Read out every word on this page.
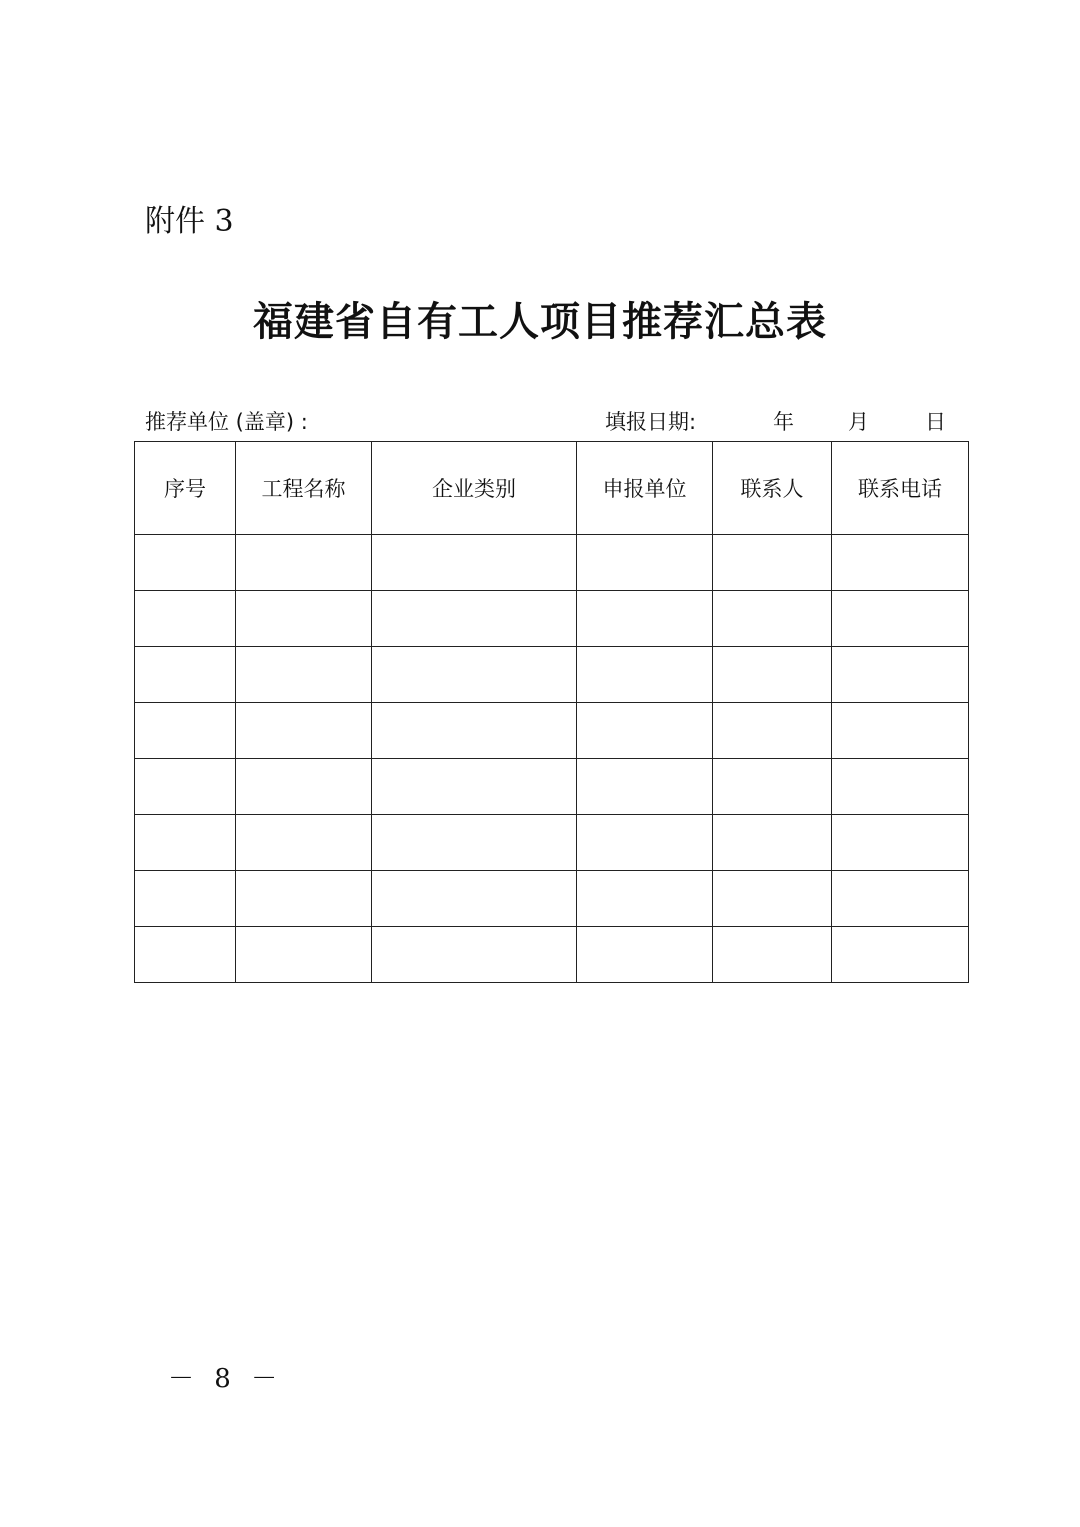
附件 3
福建省自有工人项目推荐汇总表
推荐单位 (盖章) :	填报日期:	年	月	日
序号	工程名称	企业类别	申报单位	联系人	联系电话

－ 8 －
